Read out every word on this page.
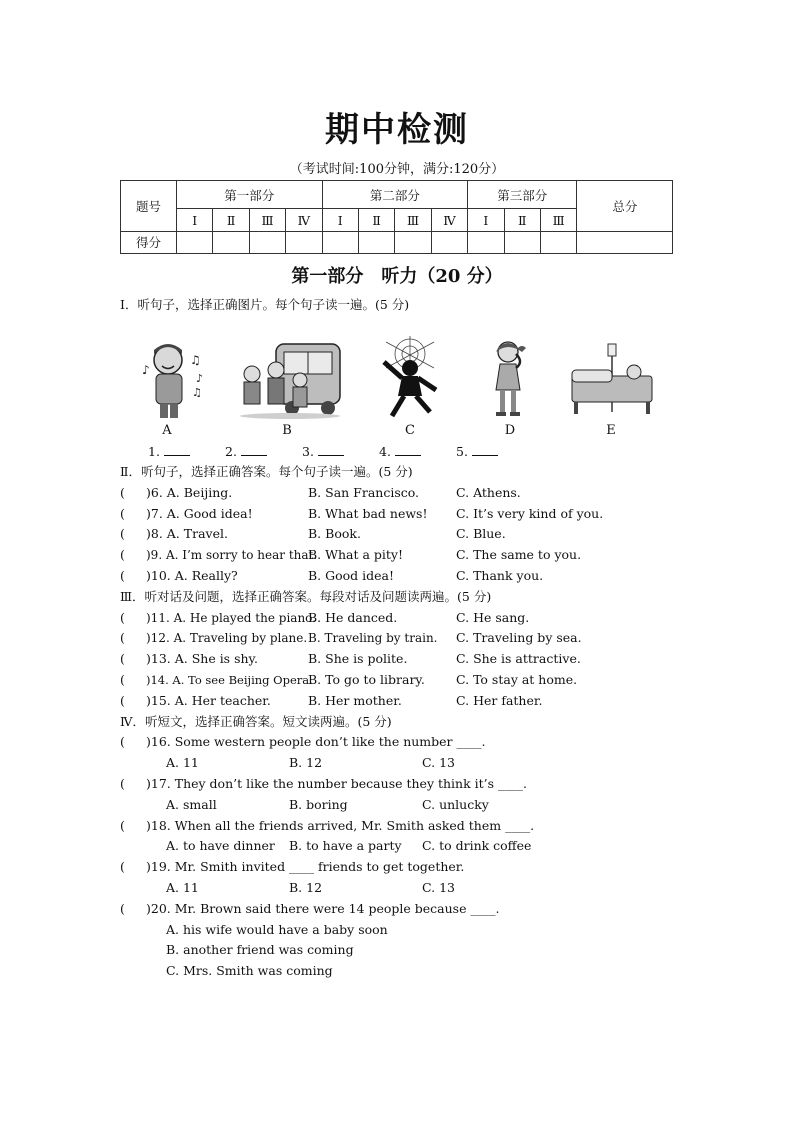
期中检测
（考试时间:100分钟，满分:120分）
题号	第一部分				第二部分				第三部分			总分
	Ⅰ	Ⅱ	Ⅲ	Ⅳ	Ⅰ	Ⅱ	Ⅲ	Ⅳ	Ⅰ	Ⅱ	Ⅲ	
得分												
第一部分　听力（20 分）
Ⅰ．听句子，选择正确图片。每个句子读一遍。(5 分)
♪
♫
♪
♫
A	B	C	D	E
1.	2.	3.	4.	5.
Ⅱ．听句子，选择正确答案。每个句子读一遍。(5 分)
( )6. A. Beijing.	B. San Francisco.	C. Athens.
( )7. A. Good idea!	B. What bad news! C. It’s very kind of you.
( )8. A. Travel.	B. Book.	C. Blue.
( )9. A. I’m sorry to hear that.
B. What a pity!	C. The same to you.
( )10. A. Really?	B. Good idea!	C. Thank you.
Ⅲ．听对话及问题，选择正确答案。每段对话及问题读两遍。(5 分)
( )11. A. He played the piano.
B. He danced.	C. He sang.
( )12. A. Traveling by plane. B. Traveling by train. C. Traveling by sea.
( )13. A. She is shy.	B. She is polite.	C. She is attractive.
( )14. A. To see Beijing Opera.
B. To go to library. C. To stay at home.
( )15. A. Her teacher.	B. Her mother.	C. Her father.
Ⅳ．听短文，选择正确答案。短文读两遍。(5 分)
( )16. Some western people don’t like the number ____.
A. 11	B. 12	C. 13
( )17. They don’t like the number because they think it’s ____.
A. small	B. boring	C. unlucky
( )18. When all the friends arrived, Mr. Smith asked them ____.
A. to have dinner B. to have a party C. to drink coffee
( )19. Mr. Smith invited ____ friends to get together.
A. 11	B. 12	C. 13
( )20. Mr. Brown said there were 14 people because ____.
A. his wife would have a baby soon
B. another friend was coming
C. Mrs. Smith was coming
